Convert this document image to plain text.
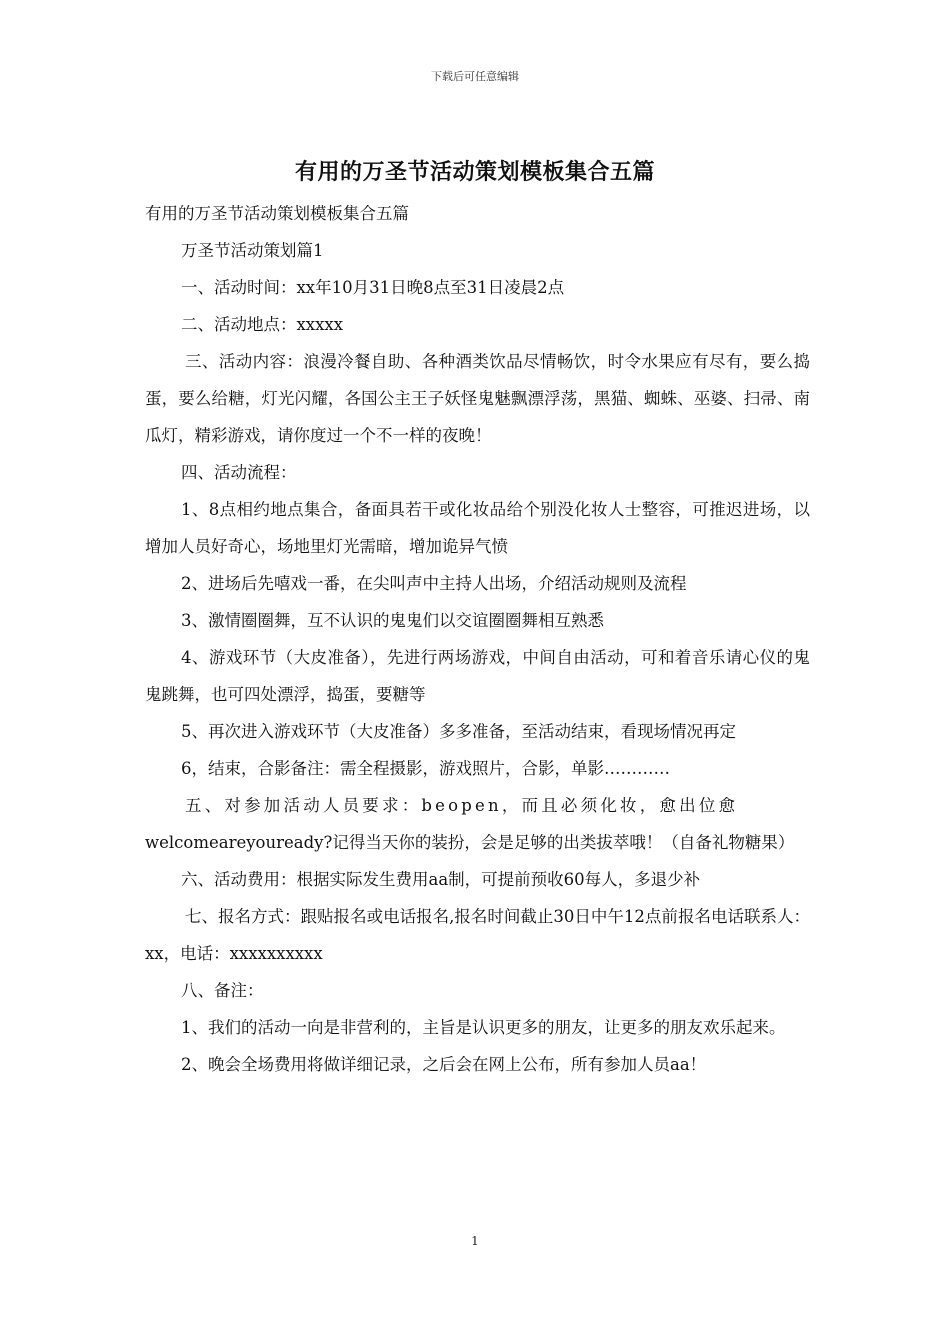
下载后可任意编辑
有用的万圣节活动策划模板集合五篇

有用的万圣节活动策划模板集合五篇

万圣节活动策划篇1

一、活动时间：xx年10月31日晚8点至31日凌晨2点

二、活动地点：xxxxx

三、活动内容：浪漫冷餐自助、各种酒类饮品尽情畅饮，时令水果应有尽有，要么捣蛋，要么给糖，灯光闪耀，各国公主王子妖怪鬼魅飘漂浮荡，黑猫、蜘蛛、巫婆、扫帚、南瓜灯，精彩游戏，请你度过一个不一样的夜晚！

四、活动流程：

1、8点相约地点集合，备面具若干或化妆品给个别没化妆人士整容，可推迟进场，以增加人员好奇心，场地里灯光需暗，增加诡异气愤

2、进场后先嘻戏一番，在尖叫声中主持人出场，介绍活动规则及流程

3、激情圈圈舞，互不认识的鬼鬼们以交谊圈圈舞相互熟悉

4、游戏环节（大皮准备），先进行两场游戏，中间自由活动，可和着音乐请心仪的鬼鬼跳舞，也可四处漂浮，捣蛋，要糖等

5、再次进入游戏环节（大皮准备）多多准备，至活动结束，看现场情况再定

6，结束，合影备注：需全程摄影，游戏照片，合影，单影…………

五、对参加活动人员要求：beopen，而且必须化妆，愈出位愈

welcomeareyouready?记得当天你的装扮，会是足够的出类拔萃哦！（自备礼物糖果）

六、活动费用：根据实际发生费用aa制，可提前预收60每人，多退少补

七、报名方式：跟贴报名或电话报名,报名时间截止30日中午12点前报名电话联系人：xx，电话：xxxxxxxxxx

八、备注：

1、我们的活动一向是非营利的，主旨是认识更多的朋友，让更多的朋友欢乐起来。

2、晚会全场费用将做详细记录，之后会在网上公布，所有参加人员aa！

1
